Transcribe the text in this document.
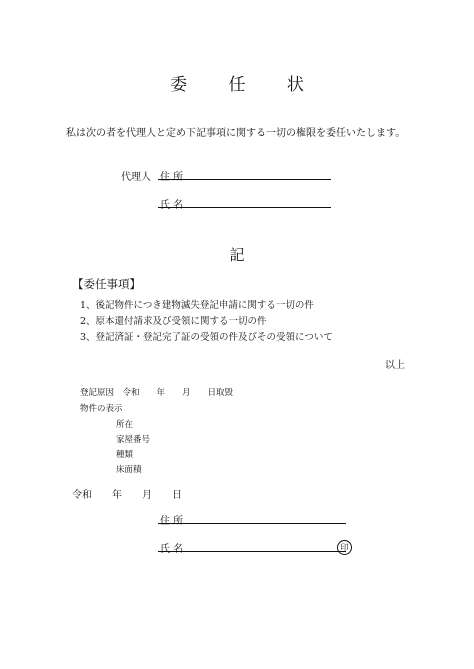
委 任 状
私は次の者を代理人と定め下記事項に関する一切の権限を委任いたします。
代理人 住 所
氏 名
記
【委任事項】
1、後記物件につき建物滅失登記申請に関する一切の件
2、原本還付請求及び受領に関する一切の件
3、登記済証・登記完了証の受領の件及びその受領について
以上
登記原因　令和　　年　　月　　日取毀
物件の表示
所在
家屋番号
種類
床面積
令和　　年　　月　　日
住 所
氏 名	印
